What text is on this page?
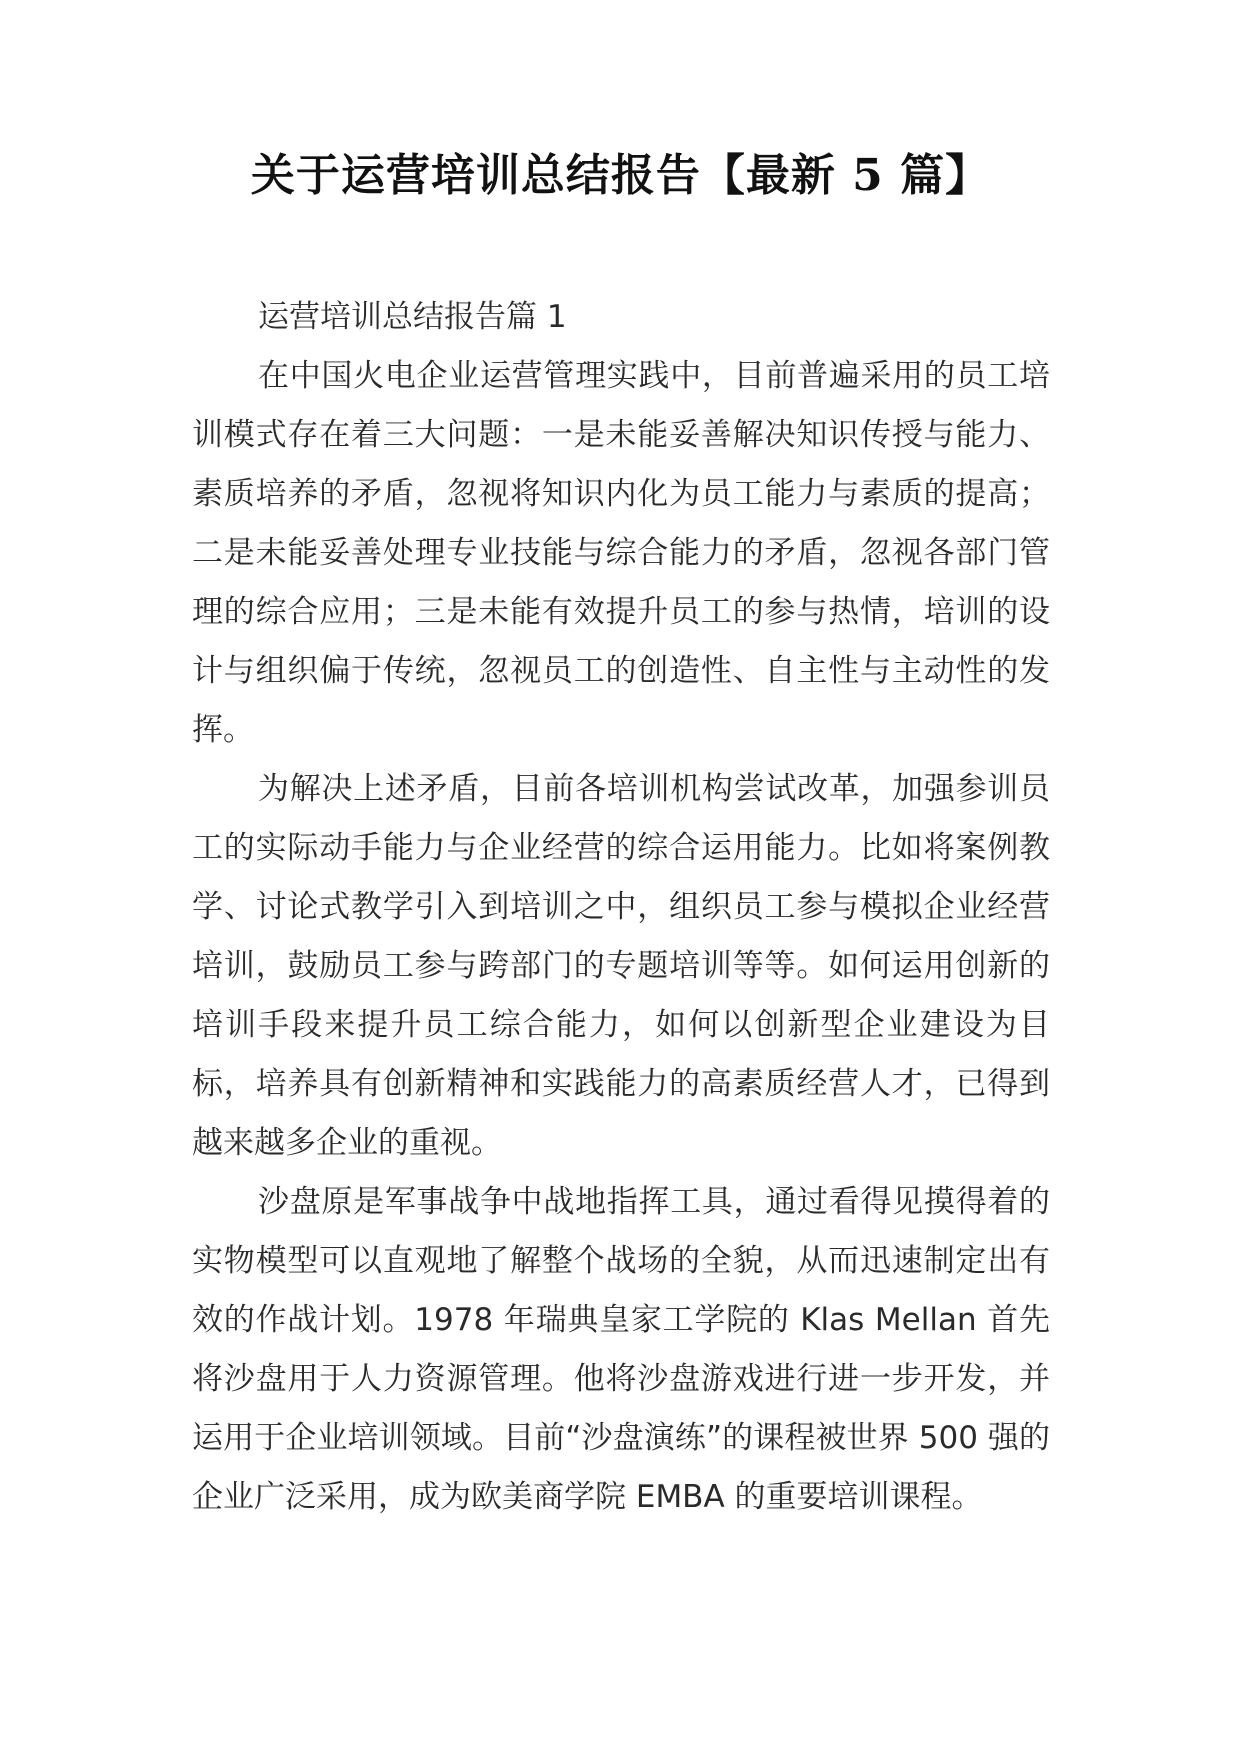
关于运营培训总结报告【最新 5 篇】

运营培训总结报告篇 1

在中国火电企业运营管理实践中，目前普遍采用的员工培训模式存在着三大问题：一是未能妥善解决知识传授与能力、素质培养的矛盾，忽视将知识内化为员工能力与素质的提高；二是未能妥善处理专业技能与综合能力的矛盾，忽视各部门管理的综合应用；三是未能有效提升员工的参与热情，培训的设计与组织偏于传统，忽视员工的创造性、自主性与主动性的发挥。

为解决上述矛盾，目前各培训机构尝试改革，加强参训员工的实际动手能力与企业经营的综合运用能力。比如将案例教学、讨论式教学引入到培训之中，组织员工参与模拟企业经营培训，鼓励员工参与跨部门的专题培训等等。如何运用创新的培训手段来提升员工综合能力，如何以创新型企业建设为目标，培养具有创新精神和实践能力的高素质经营人才，已得到越来越多企业的重视。

沙盘原是军事战争中战地指挥工具，通过看得见摸得着的实物模型可以直观地了解整个战场的全貌，从而迅速制定出有效的作战计划。1978 年瑞典皇家工学院的 Klas Mellan 首先将沙盘用于人力资源管理。他将沙盘游戏进行进一步开发，并运用于企业培训领域。目前“沙盘演练”的课程被世界 500 强的企业广泛采用，成为欧美商学院 EMBA 的重要培训课程。
